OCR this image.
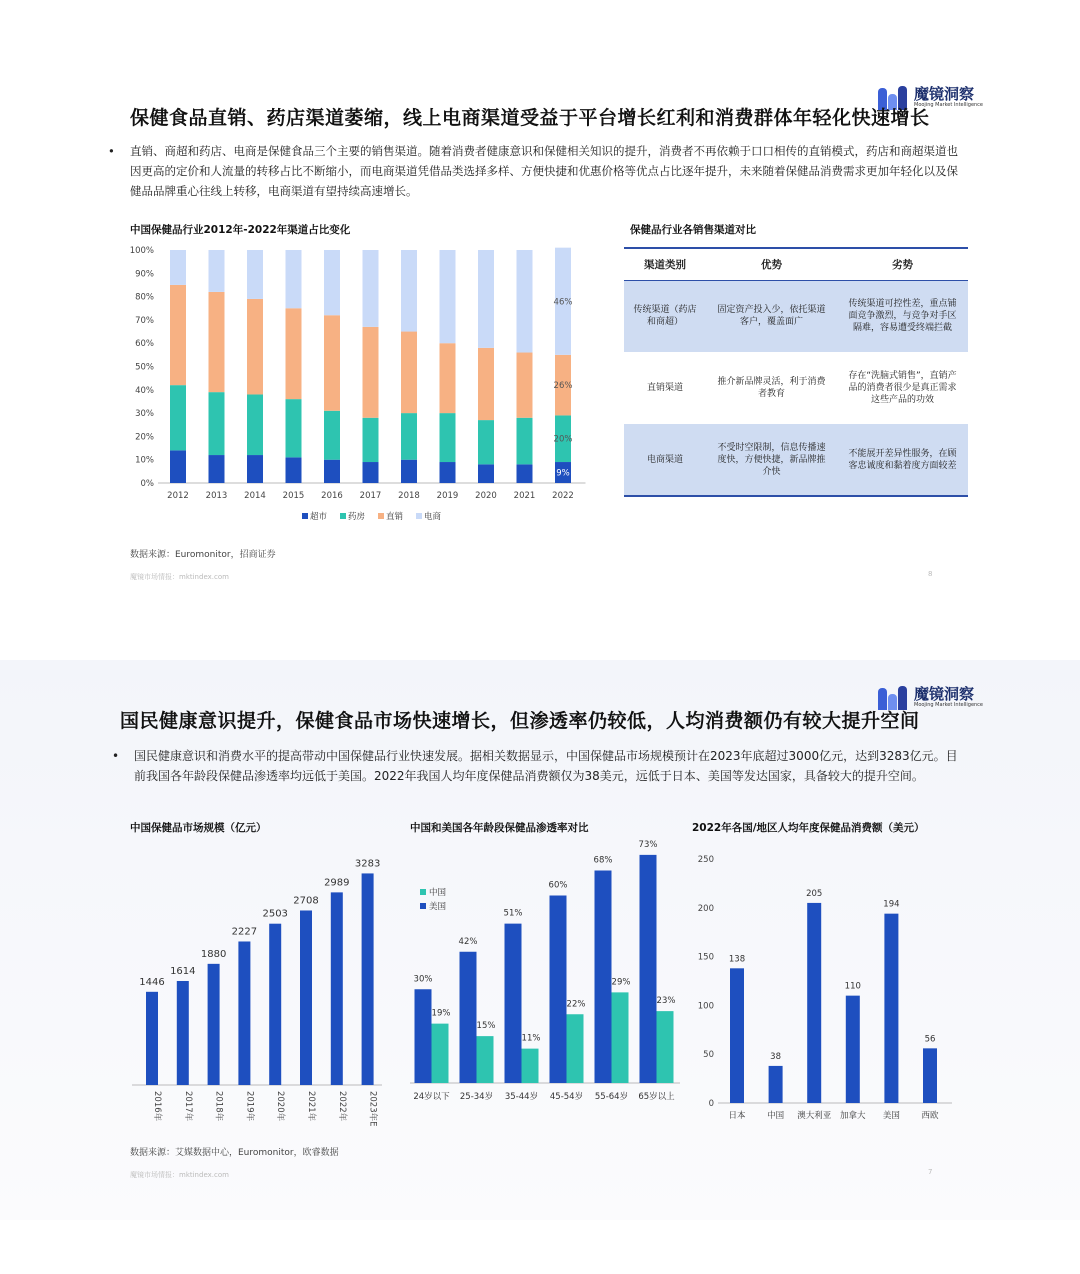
魔镜洞察
Moojing Market Intelligence
保健食品直销、药店渠道萎缩，线上电商渠道受益于平台增长红利和消费群体年轻化快速增长
• 直销、商超和药店、电商是保健食品三个主要的销售渠道。随着消费者健康意识和保健相关知识的提升，消费者不再依赖于口口相传的直销模式，药店和商超渠道也因更高的定价和人流量的转移占比不断缩小，而电商渠道凭借品类选择多样、方便快捷和优惠价格等优点占比逐年提升，未来随着保健品消费需求更加年轻化以及保健品品牌重心往线上转移，电商渠道有望持续高速增长。
中国保健品行业2012年-2022年渠道占比变化
0%
10%
20%
30%
40%
50%
60%
70%
80%
90%
100%
2012 2013 2014 2015 2016 2017 2018 2019 2020 2021 2022
9%
20%
26%
46%
超市 药房 直销 电商
保健品行业各销售渠道对比
渠道类别	优势	劣势
传统渠道（药店和商超）	固定资产投入少，依托渠道客户，覆盖面广	传统渠道可控性差，重点铺面竞争激烈，与竞争对手区隔难，容易遭受终端拦截
直销渠道	推介新品牌灵活，利于消费者教育	存在“洗脑式销售”，直销产品的消费者很少是真正需求这些产品的功效
电商渠道	不受时空限制，信息传播速度快，方便快捷，新品牌推介快	不能展开差异性服务，在顾客忠诚度和黏着度方面较差
数据来源：Euromonitor，招商证券
魔镜市场情报：mktindex.com	8
魔镜洞察
Moojing Market Intelligence
国民健康意识提升，保健食品市场快速增长，但渗透率仍较低，人均消费额仍有较大提升空间
• 国民健康意识和消费水平的提高带动中国保健品行业快速发展。据相关数据显示，中国保健品市场规模预计在2023年底超过3000亿元，达到3283亿元。目前我国各年龄段保健品渗透率均远低于美国。2022年我国人均年度保健品消费额仅为38美元，远低于日本、美国等发达国家，具备较大的提升空间。
中国保健品市场规模（亿元）
1446
2016年
1614
2017年
1880
2018年
2227
2019年
2503
2020年
2708
2021年
2989
2022年
3283
2023年E
中国和美国各年龄段保健品渗透率对比
30%
19%
24岁以下
42%
15%
25-34岁
51%
11%
35-44岁
60%
22%
45-54岁
68%
29%
55-64岁
73%
23%
65岁以上
中国
美国
2022年各国/地区人均年度保健品消费额（美元）
0
50
100
150
200
250
138
日本
38
中国
205
澳大利亚
110
加拿大
194
美国
56
西欧
数据来源：艾媒数据中心，Euromonitor，欧睿数据
魔镜市场情报：mktindex.com	7
